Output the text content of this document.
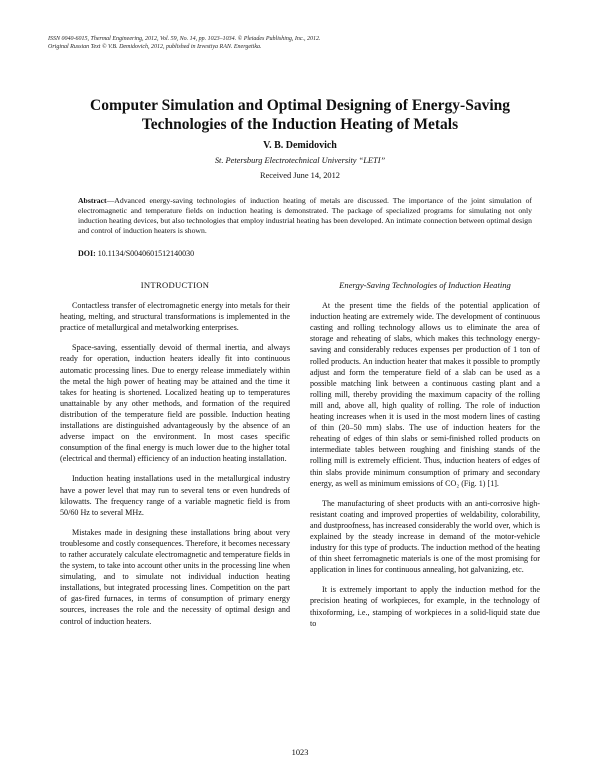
ISSN 0040-6015, Thermal Engineering, 2012, Vol. 59, No. 14, pp. 1023–1034. © Pleiades Publishing, Inc., 2012.
Original Russian Text © V.B. Demidovich, 2012, published in Izvestiya RAN. Energetika.
Computer Simulation and Optimal Designing of Energy-Saving
Technologies of the Induction Heating of Metals
V. B. Demidovich
St. Petersburg Electrotechnical University “LETI”
Received June 14, 2012
Abstract—Advanced energy-saving technologies of induction heating of metals are discussed. The importance of the joint simulation of electromagnetic and temperature fields on induction heating is demonstrated. The package of specialized programs for simulating not only induction heating devices, but also technologies that employ industrial heating has been developed. An intimate connection between optimal design and control of induction heaters is shown.
DOI: 10.1134/S0040601512140030
INTRODUCTION

Contactless transfer of electromagnetic energy into metals for their heating, melting, and structural transformations is implemented in the practice of metallurgical and metalworking enterprises.

Space-saving, essentially devoid of thermal inertia, and always ready for operation, induction heaters ideally fit into continuous automatic processing lines. Due to energy release immediately within the metal the high power of heating may be attained and the time it takes for heating is shortened. Localized heating up to temperatures unattainable by any other methods, and formation of the required distribution of the temperature field are possible. Induction heating installations are distinguished advantageously by the absence of an adverse impact on the environment. In most cases specific consumption of the final energy is much lower due to the higher total (electrical and thermal) efficiency of an induction heating installation.

Induction heating installations used in the metallurgical industry have a power level that may run to several tens or even hundreds of kilowatts. The frequency range of a variable magnetic field is from 50/60 Hz to several MHz.

Mistakes made in designing these installations bring about very troublesome and costly consequences. Therefore, it becomes necessary to rather accurately calculate electromagnetic and temperature fields in the system, to take into account other units in the processing line when simulating, and to simulate not individual induction heating installations, but integrated processing lines. Competition on the part of gas-fired furnaces, in terms of consumption of primary energy sources, increases the role and the necessity of optimal design and control of induction heaters.

Energy-Saving Technologies of Induction Heating

At the present time the fields of the potential application of induction heating are extremely wide. The development of continuous casting and rolling technology allows us to eliminate the area of storage and reheating of slabs, which makes this technology energy-saving and considerably reduces expenses per production of 1 ton of rolled products. An induction heater that makes it possible to promptly adjust and form the temperature field of a slab can be used as a possible matching link between a continuous casting plant and a rolling mill, thereby providing the maximum capacity of the rolling mill and, above all, high quality of rolling. The role of induction heating increases when it is used in the most modern lines of casting of thin (20–50 mm) slabs. The use of induction heaters for the reheating of edges of thin slabs or semi-finished rolled products on intermediate tables between roughing and finishing stands of the rolling mill is extremely efficient. Thus, induction heaters of edges of thin slabs provide minimum consumption of primary and secondary energy, as well as minimum emissions of CO₂ (Fig. 1) [1].

The manufacturing of sheet products with an anti-corrosive high-resistant coating and improved properties of weldability, colorability, and dustproofness, has increased considerably the world over, which is explained by the steady increase in demand of the motor-vehicle industry for this type of products. The induction method of the heating of thin sheet ferromagnetic materials is one of the most promising for application in lines for continuous annealing, hot galvanizing, etc.

It is extremely important to apply the induction method for the precision heating of workpieces, for example, in the technology of thixoforming, i.e., stamping of workpieces in a solid-liquid state due to

1023
